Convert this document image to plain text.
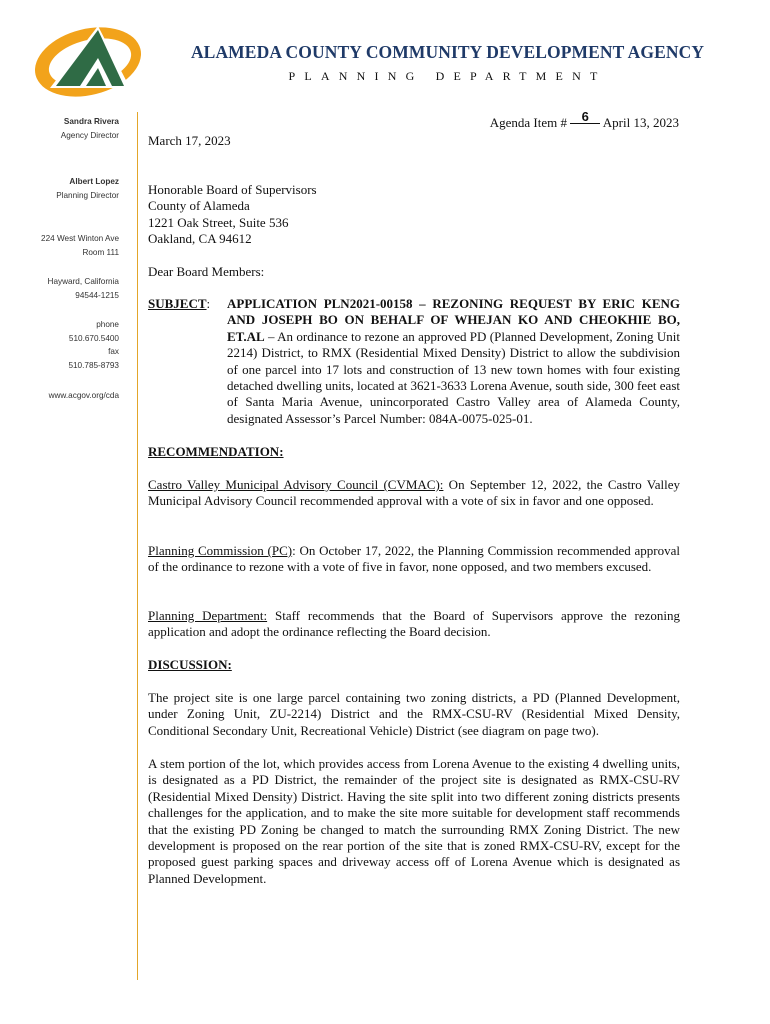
ALAMEDA COUNTY COMMUNITY DEVELOPMENT AGENCY
PLANNING DEPARTMENT
Sandra Rivera
Agency Director
Albert Lopez
Planning Director
224 West Winton Ave
Room 111
Hayward, California
94544-1215
phone
510.670.5400
fax
510.785-8793
www.acgov.org/cda
Agenda Item # 6 April 13, 2023
March 17, 2023
Honorable Board of Supervisors
County of Alameda
1221 Oak Street, Suite 536
Oakland, CA 94612
Dear Board Members:
SUBJECT: APPLICATION PLN2021-00158 – REZONING REQUEST BY ERIC KENG AND JOSEPH BO ON BEHALF OF WHEJAN KO AND CHEOKHIE BO, ET.AL – An ordinance to rezone an approved PD (Planned Development, Zoning Unit 2214) District, to RMX (Residential Mixed Density) District to allow the subdivision of one parcel into 17 lots and construction of 13 new town homes with four existing detached dwelling units, located at 3621-3633 Lorena Avenue, south side, 300 feet east of Santa Maria Avenue, unincorporated Castro Valley area of Alameda County, designated Assessor’s Parcel Number: 084A-0075-025-01.
RECOMMENDATION:
Castro Valley Municipal Advisory Council (CVMAC): On September 12, 2022, the Castro Valley Municipal Advisory Council recommended approval with a vote of six in favor and one opposed.
Planning Commission (PC): On October 17, 2022, the Planning Commission recommended approval of the ordinance to rezone with a vote of five in favor, none opposed, and two members excused.
Planning Department: Staff recommends that the Board of Supervisors approve the rezoning application and adopt the ordinance reflecting the Board decision.
DISCUSSION:
The project site is one large parcel containing two zoning districts, a PD (Planned Development, under Zoning Unit, ZU-2214) District and the RMX-CSU-RV (Residential Mixed Density, Conditional Secondary Unit, Recreational Vehicle) District (see diagram on page two).
A stem portion of the lot, which provides access from Lorena Avenue to the existing 4 dwelling units, is designated as a PD District, the remainder of the project site is designated as RMX-CSU-RV (Residential Mixed Density) District. Having the site split into two different zoning districts presents challenges for the application, and to make the site more suitable for development staff recommends that the existing PD Zoning be changed to match the surrounding RMX Zoning District. The new development is proposed on the rear portion of the site that is zoned RMX-CSU-RV, except for the proposed guest parking spaces and driveway access off of Lorena Avenue which is designated as Planned Development.
